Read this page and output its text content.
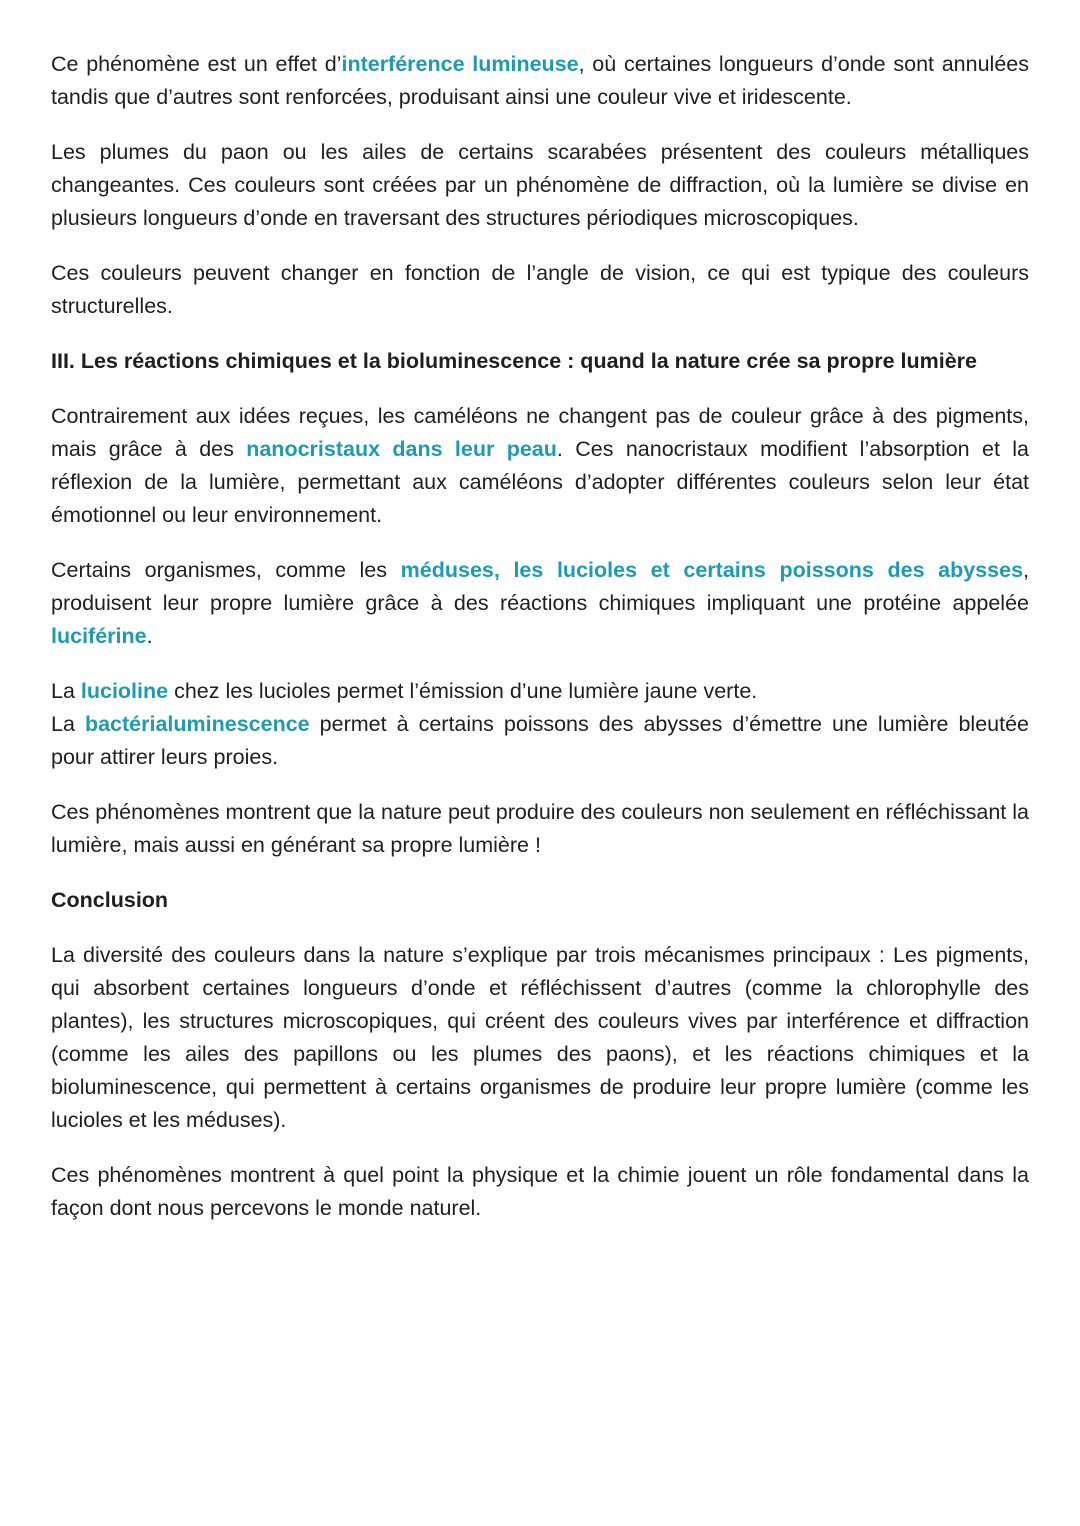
Ce phénomène est un effet d’interférence lumineuse, où certaines longueurs d’onde sont annulées tandis que d’autres sont renforcées, produisant ainsi une couleur vive et iridescente.

Les plumes du paon ou les ailes de certains scarabées présentent des couleurs métalliques changeantes. Ces couleurs sont créées par un phénomène de diffraction, où la lumière se divise en plusieurs longueurs d’onde en traversant des structures périodiques microscopiques.

Ces couleurs peuvent changer en fonction de l’angle de vision, ce qui est typique des couleurs structurelles.

III. Les réactions chimiques et la bioluminescence : quand la nature crée sa propre lumière

Contrairement aux idées reçues, les caméléons ne changent pas de couleur grâce à des pigments, mais grâce à des nanocristaux dans leur peau. Ces nanocristaux modifient l’absorption et la réflexion de la lumière, permettant aux caméléons d’adopter différentes couleurs selon leur état émotionnel ou leur environnement.

Certains organismes, comme les méduses, les lucioles et certains poissons des abysses, produisent leur propre lumière grâce à des réactions chimiques impliquant une protéine appelée luciférine.

La lucioline chez les lucioles permet l’émission d’une lumière jaune verte.

La bactérialuminescence permet à certains poissons des abysses d’émettre une lumière bleutée pour attirer leurs proies.

Ces phénomènes montrent que la nature peut produire des couleurs non seulement en réfléchissant la lumière, mais aussi en générant sa propre lumière !

Conclusion

La diversité des couleurs dans la nature s’explique par trois mécanismes principaux : Les pigments, qui absorbent certaines longueurs d’onde et réfléchissent d’autres (comme la chlorophylle des plantes), les structures microscopiques, qui créent des couleurs vives par interférence et diffraction (comme les ailes des papillons ou les plumes des paons), et les réactions chimiques et la bioluminescence, qui permettent à certains organismes de produire leur propre lumière (comme les lucioles et les méduses).

Ces phénomènes montrent à quel point la physique et la chimie jouent un rôle fondamental dans la façon dont nous percevons le monde naturel.
